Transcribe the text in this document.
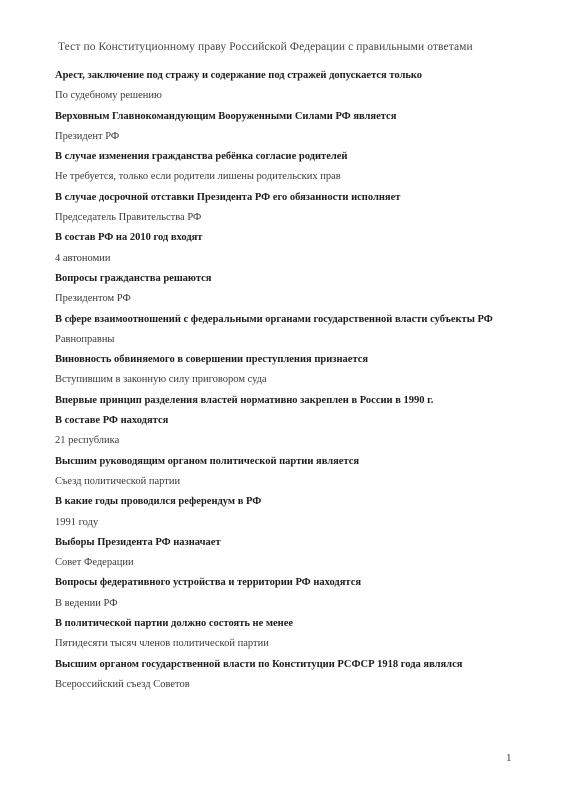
Тест по Конституционному праву Российской Федерации с правильными ответами

Арест, заключение под стражу и содержание под стражей допускается только

По судебному решению

Верховным Главнокомандующим Вооруженными Силами РФ является

Президент РФ

В случае изменения гражданства ребёнка согласие родителей

Не требуется, только если родители лишены родительских прав

В случае досрочной отставки Президента РФ его обязанности исполняет

Председатель Правительства РФ

В состав РФ на 2010 год входят

4 автономии

Вопросы гражданства решаются

Президентом РФ

В сфере взаимоотношений с федеральными органами государственной власти субъекты РФ

Равноправны

Виновность обвиняемого в совершении преступления признается

Вступившим в законную силу приговором суда

Впервые принцип разделения властей нормативно закреплен в России в 1990 г.

В составе РФ находятся

21 республика

Высшим руководящим органом политической партии является

Съезд политической партии

В какие годы проводился референдум в РФ

1991 году

Выборы Президента РФ назначает

Совет Федерации

Вопросы федеративного устройства и территории РФ находятся

В ведении РФ

В политической партии должно состоять не менее

Пятидесяти тысяч членов политической партии

Высшим органом государственной власти по Конституции РСФСР 1918 года являлся

Всероссийский съезд Советов

1
